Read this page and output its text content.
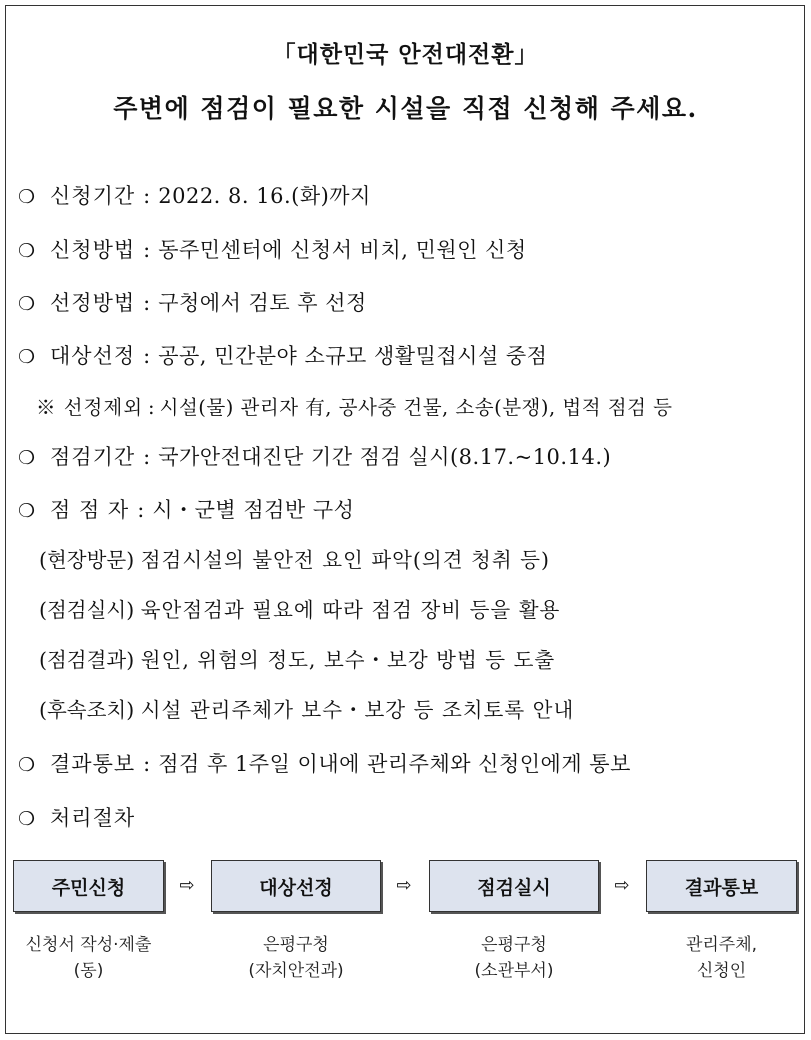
「대한민국 안전대전환」
주변에 점검이 필요한 시설을 직접 신청해 주세요.
❍ 신청기간 : 2022. 8. 16.(화)까지
❍ 신청방법 : 동주민센터에 신청서 비치, 민원인 신청
❍ 선정방법 : 구청에서 검토 후 선정
❍ 대상선정 : 공공, 민간분야 소규모 생활밀접시설 중점
※ 선정제외 : 시설(물) 관리자 有, 공사중 건물, 소송(분쟁), 법적 점검 등
❍ 점검기간 : 국가안전대진단 기간 점검 실시(8.17.~10.14.)
❍ 점 점 자 : 시・군별 점검반 구성
(현장방문) 점검시설의 불안전 요인 파악(의견 청취 등)
(점검실시) 육안점검과 필요에 따라 점검 장비 등을 활용
(점검결과) 원인, 위험의 정도, 보수・보강 방법 등 도출
(후속조치) 시설 관리주체가 보수・보강 등 조치토록 안내
❍ 결과통보 : 점검 후 1주일 이내에 관리주체와 신청인에게 통보
❍ 처리절차
주민신청	⇨	대상선정	⇨	점검실시	⇨	결과통보
신청서 작성·제출
(동)
은평구청
(자치안전과)
은평구청
(소관부서)
관리주체,
신청인
